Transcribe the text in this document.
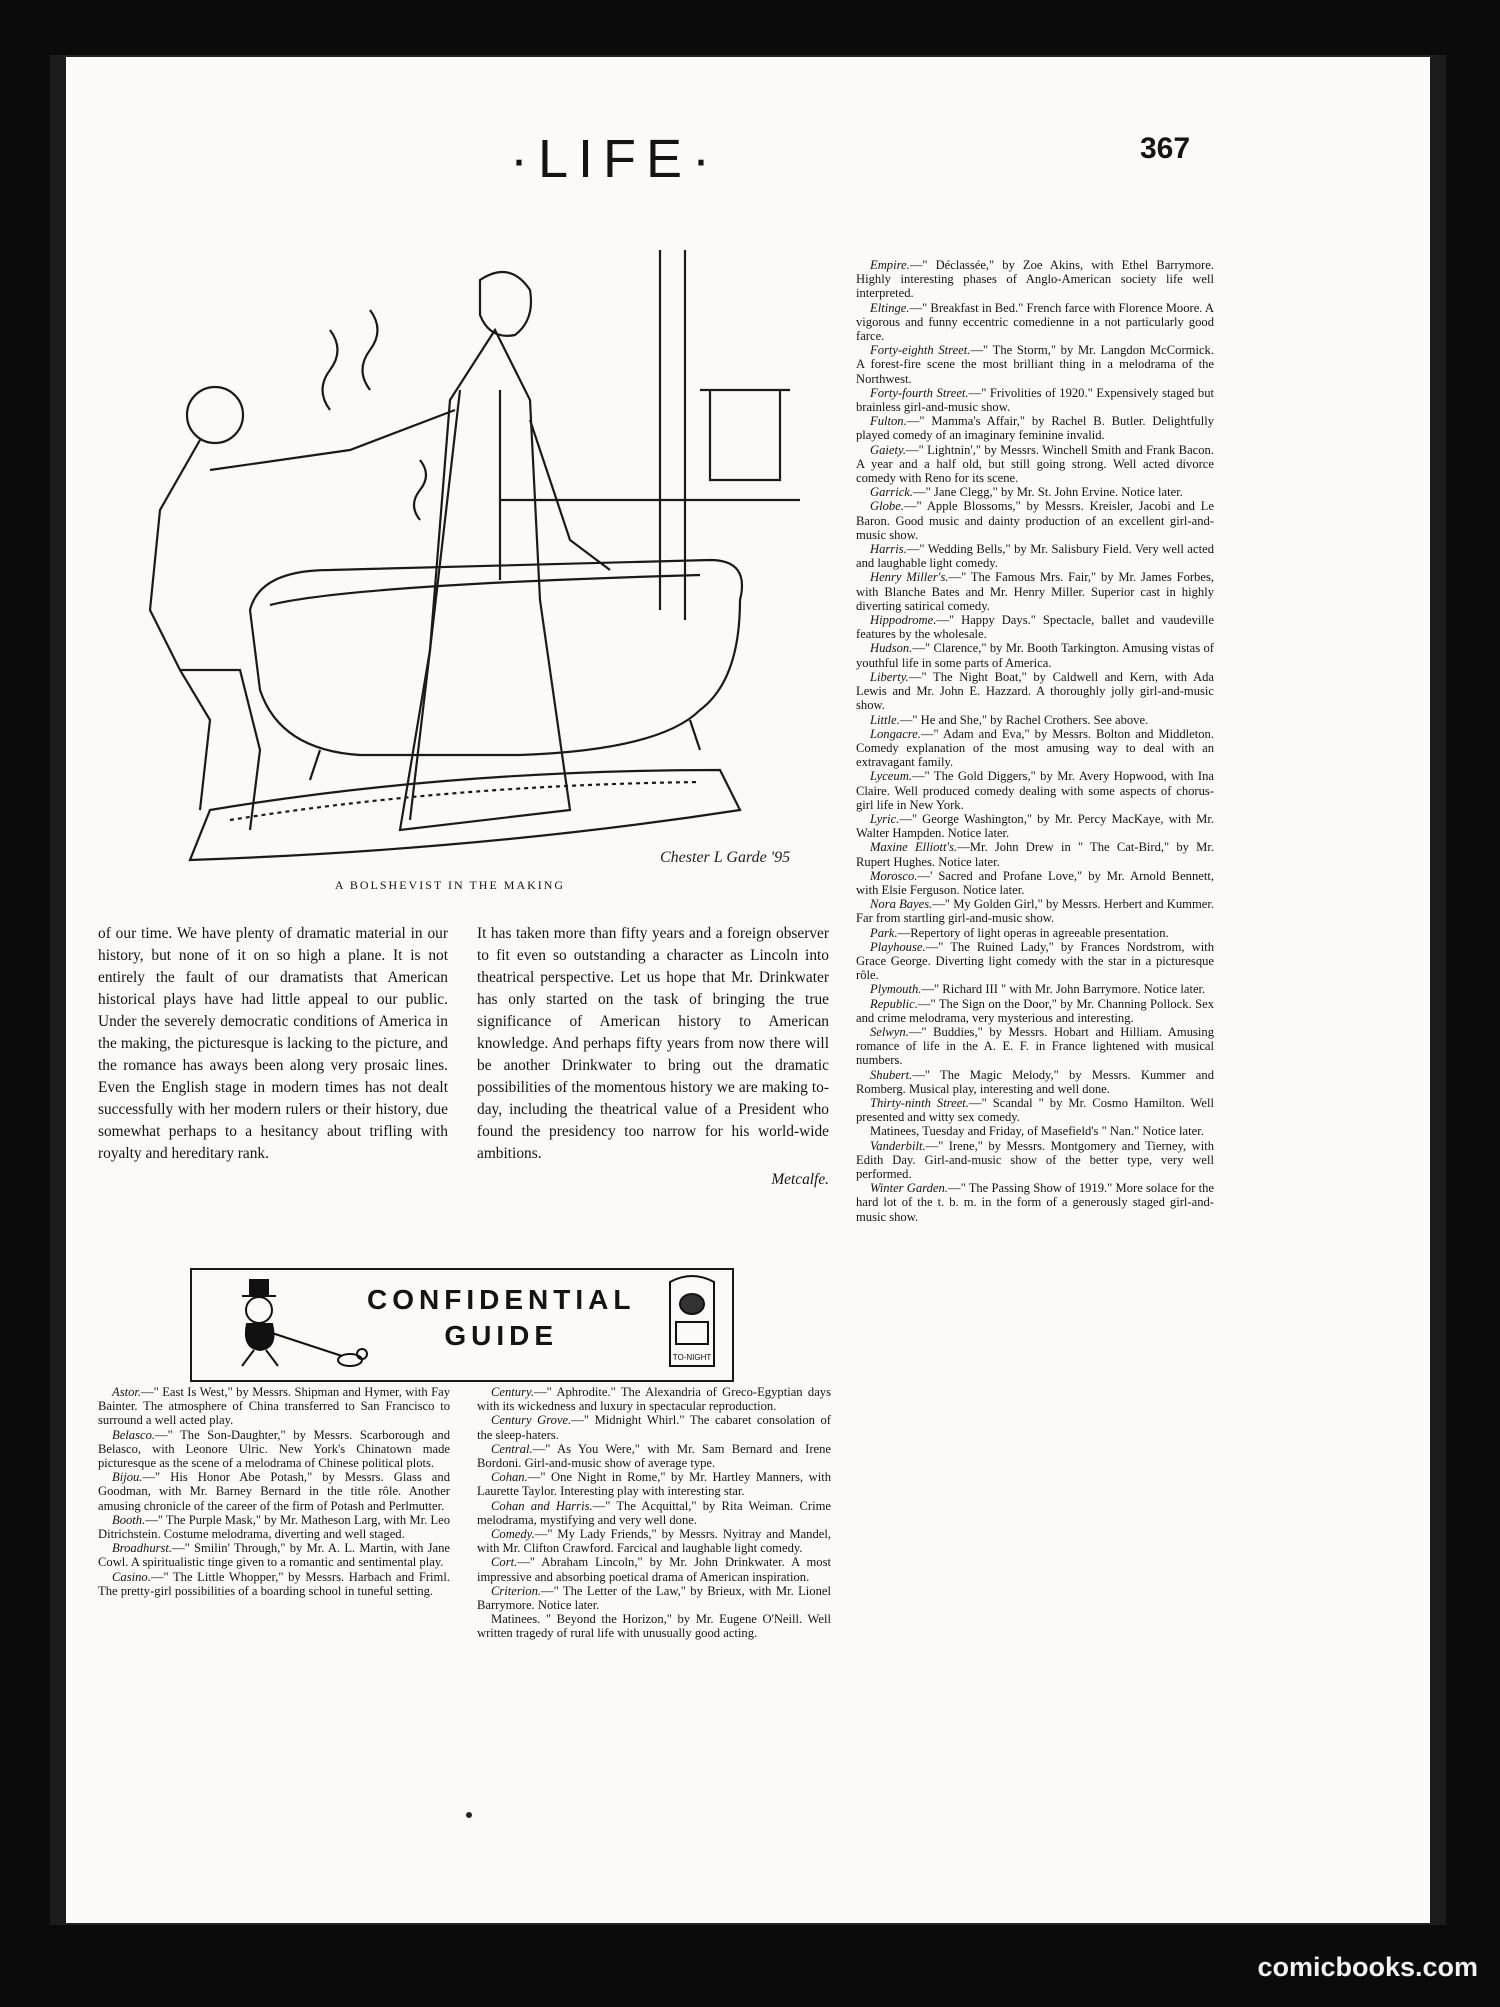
·LIFE·	367
Chester L Garde '95
A BOLSHEVIST IN THE MAKING

of our time. We have plenty of dramatic material in our history, but none of it on so high a plane. It is not entirely the fault of our dramatists that American historical plays have had little appeal to our public. Under the severely democratic conditions of America in the making, the picturesque is lacking to the picture, and the romance has aways been along very prosaic lines. Even the English stage in modern times has not dealt successfully with her modern rulers or their history, due somewhat perhaps to a hesitancy about trifling with royalty and hereditary rank.

It has taken more than fifty years and a foreign observer to fit even so outstanding a character as Lincoln into theatrical perspective. Let us hope that Mr. Drinkwater has only started on the task of bringing the true significance of American history to American knowledge. And perhaps fifty years from now there will be another Drinkwater to bring out the dramatic possibilities of the momentous history we are making to-day, including the theatrical value of a President who found the presidency too narrow for his world-wide ambitions.

Metcalfe.

CONFIDENTIAL
GUIDE
TO-NIGHT

Astor.—" East Is West," by Messrs. Shipman and Hymer, with Fay Bainter. The atmosphere of China transferred to San Francisco to surround a well acted play.

Belasco.—" The Son-Daughter," by Messrs. Scarborough and Belasco, with Leonore Ulric. New York's Chinatown made picturesque as the scene of a melodrama of Chinese political plots.

Bijou.—" His Honor Abe Potash," by Messrs. Glass and Goodman, with Mr. Barney Bernard in the title rôle. Another amusing chronicle of the career of the firm of Potash and Perlmutter.

Booth.—" The Purple Mask," by Mr. Matheson Larg, with Mr. Leo Ditrichstein. Costume melodrama, diverting and well staged.

Broadhurst.—" Smilin' Through," by Mr. A. L. Martin, with Jane Cowl. A spiritualistic tinge given to a romantic and sentimental play.

Casino.—" The Little Whopper," by Messrs. Harbach and Friml. The pretty-girl possibilities of a boarding school in tuneful setting.

Century.—" Aphrodite." The Alexandria of Greco-Egyptian days with its wickedness and luxury in spectacular reproduction.

Century Grove.—" Midnight Whirl." The cabaret consolation of the sleep-haters.

Central.—" As You Were," with Mr. Sam Bernard and Irene Bordoni. Girl-and-music show of average type.

Cohan.—" One Night in Rome," by Mr. Hartley Manners, with Laurette Taylor. Interesting play with interesting star.

Cohan and Harris.—" The Acquittal," by Rita Weiman. Crime melodrama, mystifying and very well done.

Comedy.—" My Lady Friends," by Messrs. Nyitray and Mandel, with Mr. Clifton Crawford. Farcical and laughable light comedy.

Cort.—" Abraham Lincoln," by Mr. John Drinkwater. A most impressive and absorbing poetical drama of American inspiration.

Criterion.—" The Letter of the Law," by Brieux, with Mr. Lionel Barrymore. Notice later.

Matinees. " Beyond the Horizon," by Mr. Eugene O'Neill. Well written tragedy of rural life with unusually good acting.

Empire.—" Déclassée," by Zoe Akins, with Ethel Barrymore. Highly interesting phases of Anglo-American society life well interpreted.

Eltinge.—" Breakfast in Bed." French farce with Florence Moore. A vigorous and funny eccentric comedienne in a not particularly good farce.

Forty-eighth Street.—" The Storm," by Mr. Langdon McCormick. A forest-fire scene the most brilliant thing in a melodrama of the Northwest.

Forty-fourth Street.—" Frivolities of 1920." Expensively staged but brainless girl-and-music show.

Fulton.—" Mamma's Affair," by Rachel B. Butler. Delightfully played comedy of an imaginary feminine invalid.

Gaiety.—" Lightnin'," by Messrs. Winchell Smith and Frank Bacon. A year and a half old, but still going strong. Well acted divorce comedy with Reno for its scene.

Garrick.—" Jane Clegg," by Mr. St. John Ervine. Notice later.

Globe.—" Apple Blossoms," by Messrs. Kreisler, Jacobi and Le Baron. Good music and dainty production of an excellent girl-and-music show.

Harris.—" Wedding Bells," by Mr. Salisbury Field. Very well acted and laughable light comedy.

Henry Miller's.—" The Famous Mrs. Fair," by Mr. James Forbes, with Blanche Bates and Mr. Henry Miller. Superior cast in highly diverting satirical comedy.

Hippodrome.—" Happy Days." Spectacle, ballet and vaudeville features by the wholesale.

Hudson.—" Clarence," by Mr. Booth Tarkington. Amusing vistas of youthful life in some parts of America.

Liberty.—" The Night Boat," by Caldwell and Kern, with Ada Lewis and Mr. John E. Hazzard. A thoroughly jolly girl-and-music show.

Little.—" He and She," by Rachel Crothers. See above.

Longacre.—" Adam and Eva," by Messrs. Bolton and Middleton. Comedy explanation of the most amusing way to deal with an extravagant family.

Lyceum.—" The Gold Diggers," by Mr. Avery Hopwood, with Ina Claire. Well produced comedy dealing with some aspects of chorus-girl life in New York.

Lyric.—" George Washington," by Mr. Percy MacKaye, with Mr. Walter Hampden. Notice later.

Maxine Elliott's.—Mr. John Drew in " The Cat-Bird," by Mr. Rupert Hughes. Notice later.

Morosco.—' Sacred and Profane Love," by Mr. Arnold Bennett, with Elsie Ferguson. Notice later.

Nora Bayes.—" My Golden Girl," by Messrs. Herbert and Kummer. Far from startling girl-and-music show.

Park.—Repertory of light operas in agreeable presentation.

Playhouse.—" The Ruined Lady," by Frances Nordstrom, with Grace George. Diverting light comedy with the star in a picturesque rôle.

Plymouth.—" Richard III " with Mr. John Barrymore. Notice later.

Republic.—" The Sign on the Door," by Mr. Channing Pollock. Sex and crime melodrama, very mysterious and interesting.

Selwyn.—" Buddies," by Messrs. Hobart and Hilliam. Amusing romance of life in the A. E. F. in France lightened with musical numbers.

Shubert.—" The Magic Melody," by Messrs. Kummer and Romberg. Musical play, interesting and well done.

Thirty-ninth Street.—" Scandal " by Mr. Cosmo Hamilton. Well presented and witty sex comedy.

Matinees, Tuesday and Friday, of Masefield's " Nan." Notice later.

Vanderbilt.—" Irene," by Messrs. Montgomery and Tierney, with Edith Day. Girl-and-music show of the better type, very well performed.

Winter Garden.—" The Passing Show of 1919." More solace for the hard lot of the t. b. m. in the form of a generously staged girl-and-music show.

comicbooks.com
